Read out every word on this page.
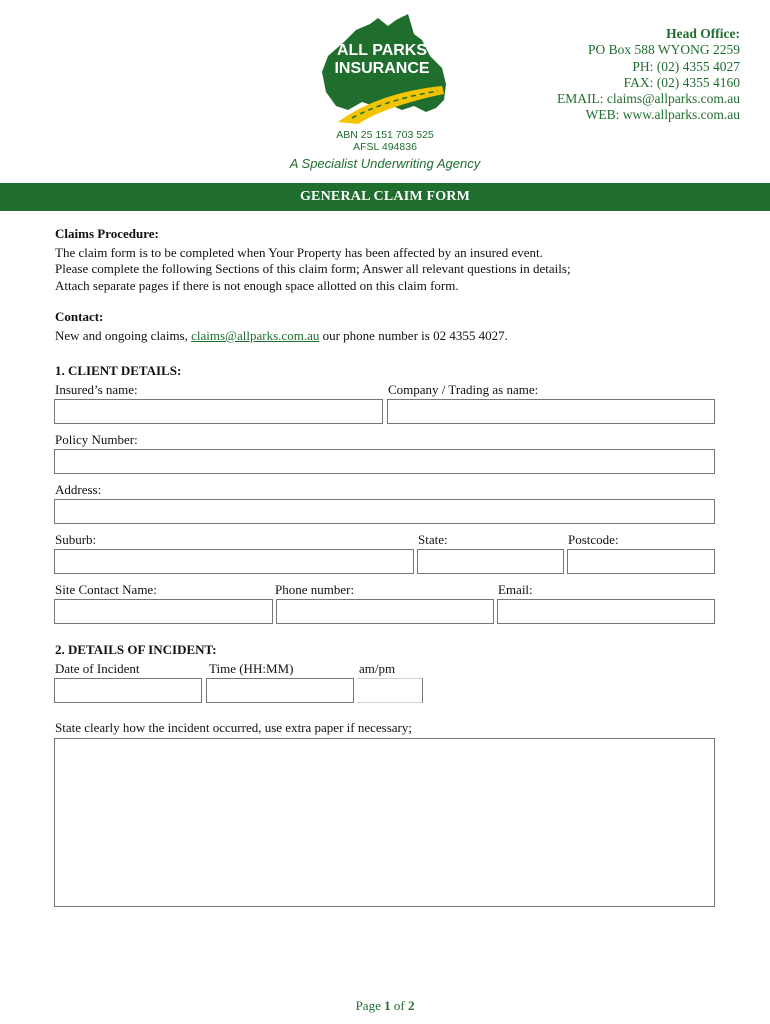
ALL PARKS
INSURANCE
ABN 25 151 703 525
AFSL 494836
A Specialist Underwriting Agency
Head Office:
PO Box 588 WYONG 2259
PH: (02) 4355 4027
FAX: (02) 4355 4160
EMAIL: claims@allparks.com.au
WEB: www.allparks.com.au
GENERAL CLAIM FORM
Claims Procedure:
The claim form is to be completed when Your Property has been affected by an insured event.
Please complete the following Sections of this claim form; Answer all relevant questions in details;
Attach separate pages if there is not enough space allotted on this claim form.
Contact:
New and ongoing claims, claims@allparks.com.au our phone number is 02 4355 4027.
1. CLIENT DETAILS:
Insured’s name:	Company / Trading as name:
Policy Number:
Address:
Suburb:	State:	Postcode:
Site Contact Name:	Phone number:	Email:
2. DETAILS OF INCIDENT:
Date of Incident	Time (HH:MM)	am/pm
State clearly how the incident occurred, use extra paper if necessary;
Page 1 of 2
